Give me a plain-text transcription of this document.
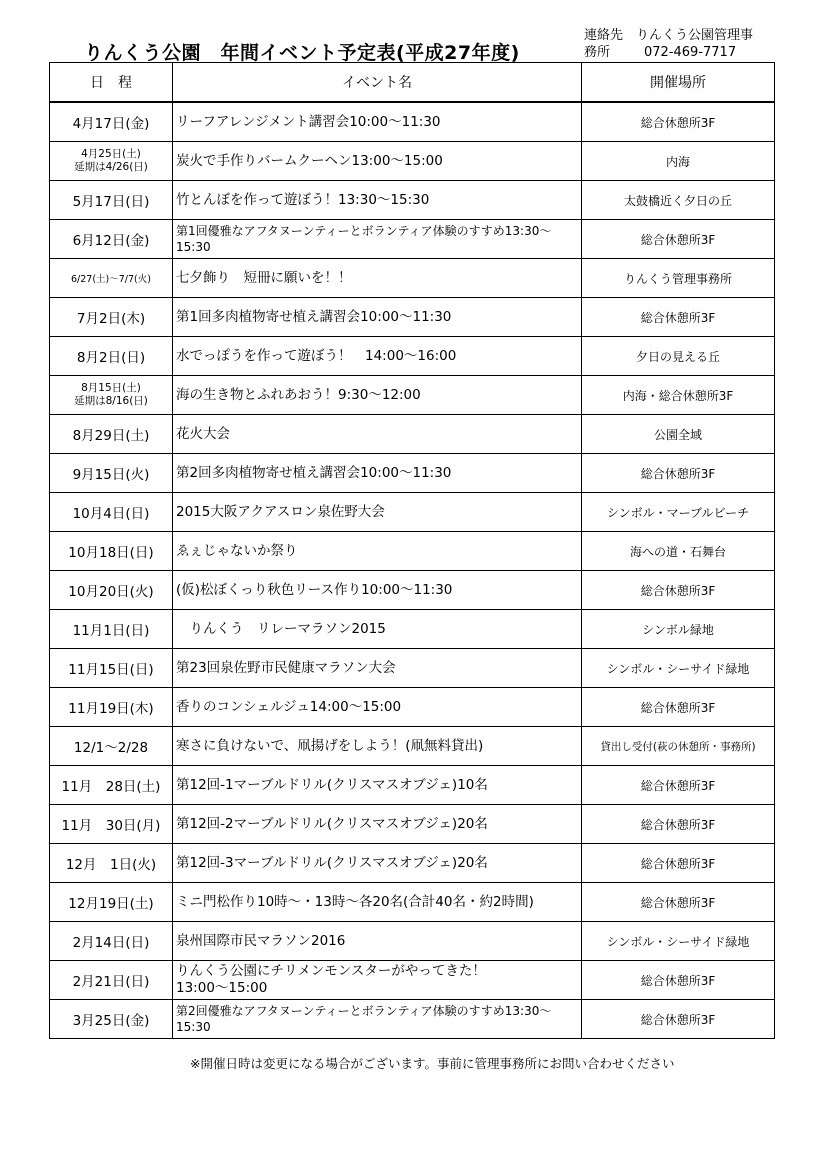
りんくう公園　年間イベント予定表(平成27年度)
連絡先　りんくう公園管理事
務所	072-469-7717
日　程	イベント名	開催場所
4月17日(金)	リーフアレンジメント講習会10:00～11:30	総合休憩所3F

4月25日(土)
延期は4/26(日)	炭火で手作りバームクーヘン13:00～15:00	内海
5月17日(日)	竹とんぼを作って遊ぼう！13:30～15:30	太鼓橋近く夕日の丘
6月12日(金)	第1回優雅なアフタヌーンティーとボランティア体験のすすめ13:30～15:30	総合休憩所3F
6/27(土)～7/7(火)	七夕飾り　短冊に願いを！！	りんくう管理事務所
7月2日(木)	第1回多肉植物寄せ植え講習会10:00～11:30	総合休憩所3F
8月2日(日)	水でっぽうを作って遊ぼう！　14:00～16:00	夕日の見える丘

8月15日(土)
延期は8/16(日)	海の生き物とふれあおう！9:30～12:00	内海・総合休憩所3F
8月29日(土)	花火大会	公園全域
9月15日(火)	第2回多肉植物寄せ植え講習会10:00～11:30	総合休憩所3F
10月4日(日)	2015大阪アクアスロン泉佐野大会	シンボル・マーブルビーチ
10月18日(日)	ゑぇじゃないか祭り	海への道・石舞台
10月20日(火)	(仮)松ぼくっり秋色リース作り10:00～11:30	総合休憩所3F
11月1日(日)	　りんくう　リレーマラソン2015	シンボル緑地
11月15日(日)	第23回泉佐野市民健康マラソン大会	シンボル・シーサイド緑地
11月19日(木)	香りのコンシェルジュ14:00～15:00	総合休憩所3F
12/1～2/28	寒さに負けないで、凧揚げをしよう！(凧無料貸出)	貸出し受付(萩の休憩所・事務所)
11月　28日(土)	第12回-1マーブルドリル(クリスマスオブジェ)10名	総合休憩所3F
11月　30日(月)	第12回-2マーブルドリル(クリスマスオブジェ)20名	総合休憩所3F
12月　1日(火)	第12回-3マーブルドリル(クリスマスオブジェ)20名	総合休憩所3F
12月19日(土)	ミニ門松作り10時～・13時～各20名(合計40名・約2時間)	総合休憩所3F
2月14日(日)	泉州国際市民マラソン2016	シンボル・シーサイド緑地
2月21日(日)	りんくう公園にチリメンモンスターがやってきた！
13:00～15:00	総合休憩所3F
3月25日(金)	第2回優雅なアフタヌーンティーとボランティア体験のすすめ13:30～15:30	総合休憩所3F
※開催日時は変更になる場合がございます。事前に管理事務所にお問い合わせください
